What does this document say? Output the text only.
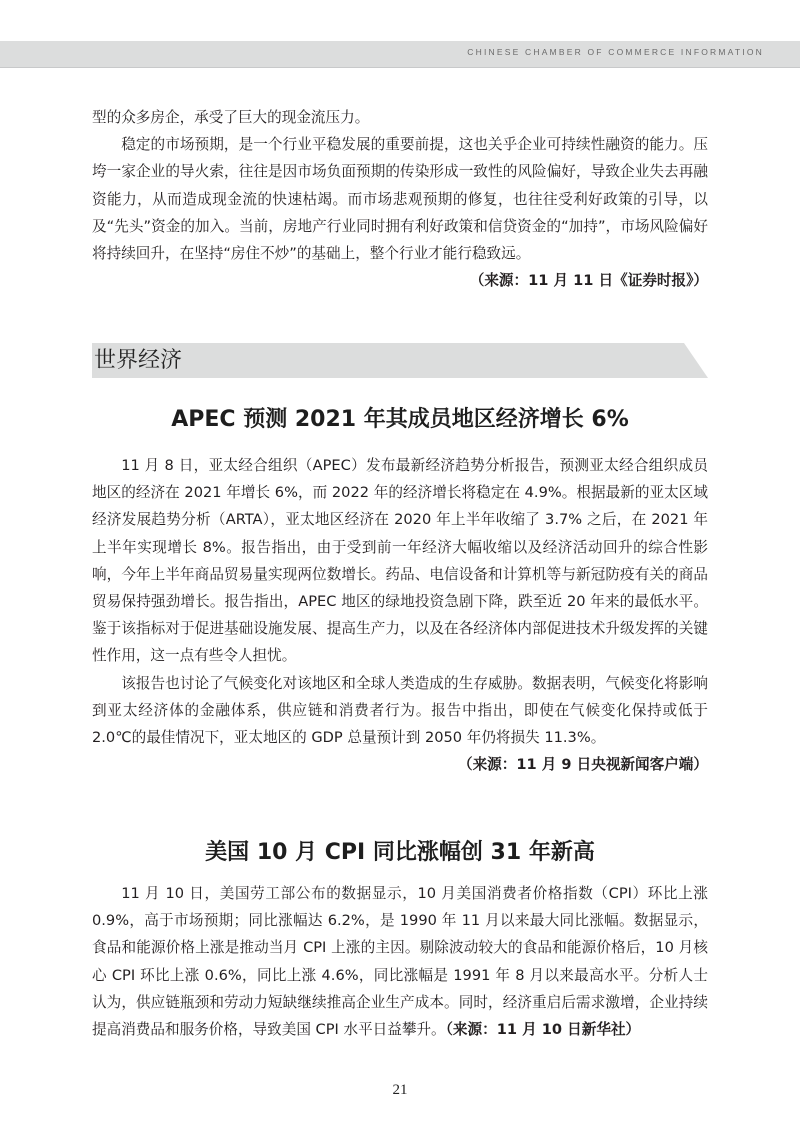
CHINESE CHAMBER OF COMMERCE INFORMATION

型的众多房企，承受了巨大的现金流压力。

稳定的市场预期，是一个行业平稳发展的重要前提，这也关乎企业可持续性融资的能力。压垮一家企业的导火索，往往是因市场负面预期的传染形成一致性的风险偏好，导致企业失去再融资能力，从而造成现金流的快速枯竭。而市场悲观预期的修复，也往往受利好政策的引导，以及“先头”资金的加入。当前，房地产行业同时拥有利好政策和信贷资金的“加持”，市场风险偏好将持续回升，在坚持“房住不炒”的基础上，整个行业才能行稳致远。

（来源：11 月 11 日《证券时报》）
世界经济
APEC 预测 2021 年其成员地区经济增长 6%

11 月 8 日，亚太经合组织（APEC）发布最新经济趋势分析报告，预测亚太经合组织成员地区的经济在 2021 年增长 6%，而 2022 年的经济增长将稳定在 4.9%。根据最新的亚太区域经济发展趋势分析（ARTA），亚太地区经济在 2020 年上半年收缩了 3.7% 之后，在 2021 年上半年实现增长 8%。报告指出，由于受到前一年经济大幅收缩以及经济活动回升的综合性影响，今年上半年商品贸易量实现两位数增长。药品、电信设备和计算机等与新冠防疫有关的商品贸易保持强劲增长。报告指出，APEC 地区的绿地投资急剧下降，跌至近 20 年来的最低水平。鉴于该指标对于促进基础设施发展、提高生产力，以及在各经济体内部促进技术升级发挥的关键性作用，这一点有些令人担忧。

该报告也讨论了气候变化对该地区和全球人类造成的生存威胁。数据表明，气候变化将影响到亚太经济体的金融体系，供应链和消费者行为。报告中指出，即使在气候变化保持或低于 2.0℃的最佳情况下，亚太地区的 GDP 总量预计到 2050 年仍将损失 11.3%。

（来源：11 月 9 日央视新闻客户端）
美国 10 月 CPI 同比涨幅创 31 年新高

11 月 10 日，美国劳工部公布的数据显示，10 月美国消费者价格指数（CPI）环比上涨 0.9%，高于市场预期；同比涨幅达 6.2%，是 1990 年 11 月以来最大同比涨幅。数据显示，食品和能源价格上涨是推动当月 CPI 上涨的主因。剔除波动较大的食品和能源价格后，10 月核心 CPI 环比上涨 0.6%，同比上涨 4.6%，同比涨幅是 1991 年 8 月以来最高水平。分析人士认为，供应链瓶颈和劳动力短缺继续推高企业生产成本。同时，经济重启后需求激增，企业持续提高消费品和服务价格，导致美国 CPI 水平日益攀升。（来源：11 月 10 日新华社）

21
